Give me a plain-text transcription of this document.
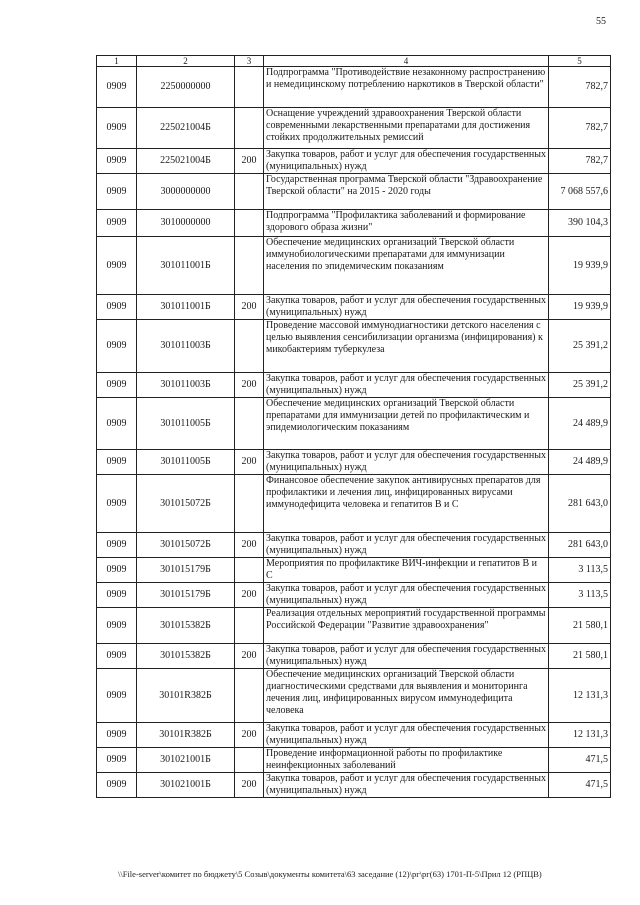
55
1	2	3	4	5
0909	2250000000		Подпрограмма "Противодействие незаконному распространению и немедицинскому потреблению наркотиков в Тверской области"	782,7
0909	225021004Б		Оснащение учреждений здравоохранения Тверской области современными лекарственными препаратами для достижения стойких продолжительных ремиссий	782,7
0909	225021004Б	200	Закупка товаров, работ и услуг для обеспечения государственных (муниципальных) нужд	782,7
0909	3000000000		Государственная программа Тверской области "Здравоохранение Тверской области" на 2015 - 2020 годы	7 068 557,6
0909	3010000000		Подпрограмма "Профилактика заболеваний и формирование здорового образа жизни"	390 104,3
0909	301011001Б		Обеспечение медицинских организаций Тверской области иммунобиологическими препаратами для иммунизации населения по эпидемическим показаниям	19 939,9
0909	301011001Б	200	Закупка товаров, работ и услуг для обеспечения государственных (муниципальных) нужд	19 939,9
0909	301011003Б		Проведение массовой иммунодиагностики детского населения с целью выявления сенсибилизации организма (инфицирования) к микобактериям туберкулеза	25 391,2
0909	301011003Б	200	Закупка товаров, работ и услуг для обеспечения государственных (муниципальных) нужд	25 391,2
0909	301011005Б		Обеспечение медицинских организаций Тверской области препаратами для иммунизации детей по профилактическим и эпидемиологическим показаниям	24 489,9
0909	301011005Б	200	Закупка товаров, работ и услуг для обеспечения государственных (муниципальных) нужд	24 489,9
0909	301015072Б		Финансовое обеспечение закупок антивирусных препаратов для профилактики и лечения лиц, инфицированных вирусами иммунодефицита человека и гепатитов В и С	281 643,0
0909	301015072Б	200	Закупка товаров, работ и услуг для обеспечения государственных (муниципальных) нужд	281 643,0
0909	301015179Б		Мероприятия по профилактике ВИЧ-инфекции и гепатитов В и С	3 113,5
0909	301015179Б	200	Закупка товаров, работ и услуг для обеспечения государственных (муниципальных) нужд	3 113,5
0909	301015382Б		Реализация отдельных мероприятий государственной программы Российской Федерации "Развитие здравоохранения"	21 580,1
0909	301015382Б	200	Закупка товаров, работ и услуг для обеспечения государственных (муниципальных) нужд	21 580,1
0909	30101R382Б		Обеспечение медицинских организаций Тверской области диагностическими средствами для выявления и мониторинга лечения лиц, инфицированных вирусом иммунодефицита человека	12 131,3
0909	30101R382Б	200	Закупка товаров, работ и услуг для обеспечения государственных (муниципальных) нужд	12 131,3
0909	301021001Б		Проведение информационной работы по профилактике неинфекционных заболеваний	471,5
0909	301021001Б	200	Закупка товаров, работ и услуг для обеспечения государственных (муниципальных) нужд	471,5
\\File-server\комитет по бюджету\5 Созыв\документы комитета\63 заседание (12)\рг\рг(63) 1701-П-5\Прил 12 (РПЦВ)
